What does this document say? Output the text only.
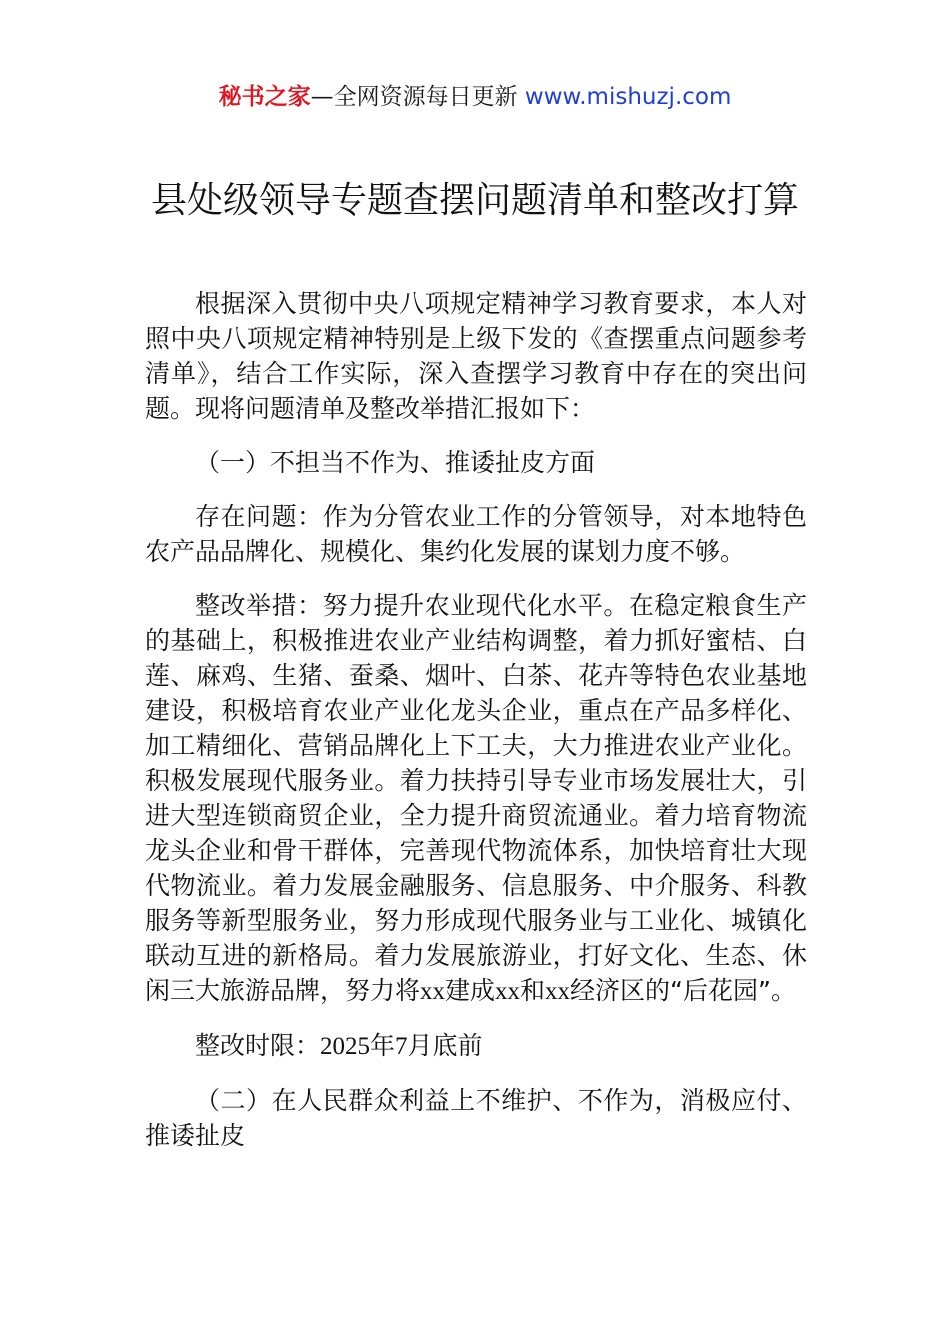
秘书之家—全网资源每日更新 www.mishuzj.com
县处级领导专题查摆问题清单和整改打算

根据深入贯彻中央八项规定精神学习教育要求，本人对照中央八项规定精神特别是上级下发的《查摆重点问题参考清单》，结合工作实际，深入查摆学习教育中存在的突出问题。现将问题清单及整改举措汇报如下：

（一）不担当不作为、推诿扯皮方面

存在问题：作为分管农业工作的分管领导，对本地特色农产品品牌化、规模化、集约化发展的谋划力度不够。

整改举措：努力提升农业现代化水平。在稳定粮食生产的基础上，积极推进农业产业结构调整，着力抓好蜜桔、白莲、麻鸡、生猪、蚕桑、烟叶、白茶、花卉等特色农业基地建设，积极培育农业产业化龙头企业，重点在产品多样化、加工精细化、营销品牌化上下工夫，大力推进农业产业化。积极发展现代服务业。着力扶持引导专业市场发展壮大，引进大型连锁商贸企业，全力提升商贸流通业。着力培育物流龙头企业和骨干群体，完善现代物流体系，加快培育壮大现代物流业。着力发展金融服务、信息服务、中介服务、科教服务等新型服务业，努力形成现代服务业与工业化、城镇化联动互进的新格局。着力发展旅游业，打好文化、生态、休闲三大旅游品牌，努力将xx建成xx和xx经济区的“后花园”。

整改时限：2025年7月底前

（二）在人民群众利益上不维护、不作为，消极应付、推诿扯皮
